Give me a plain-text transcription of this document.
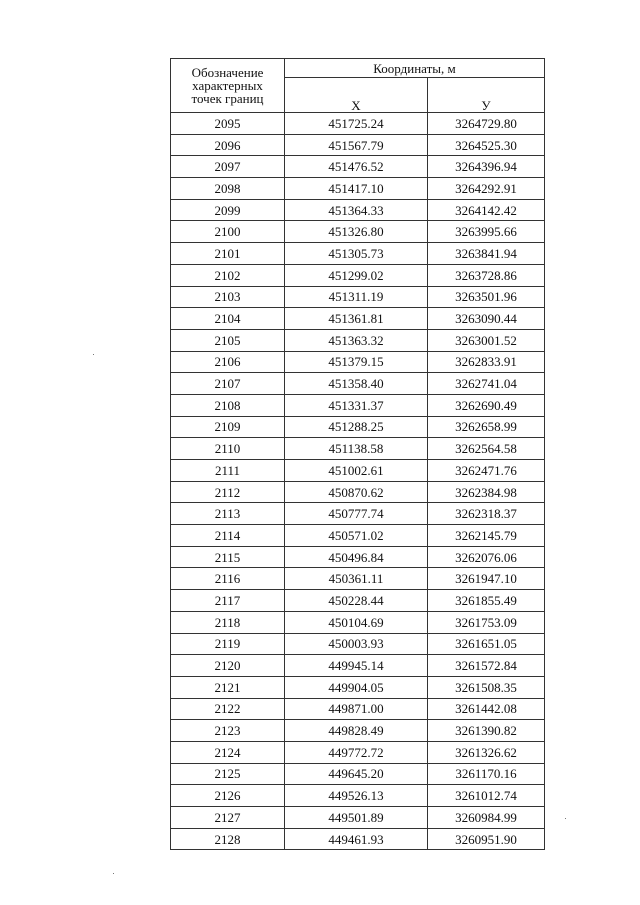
Обозначение
характерных
точек границ	Координаты, м	
	X	У
2095	451725.24	3264729.80
2096	451567.79	3264525.30
2097	451476.52	3264396.94
2098	451417.10	3264292.91
2099	451364.33	3264142.42
2100	451326.80	3263995.66
2101	451305.73	3263841.94
2102	451299.02	3263728.86
2103	451311.19	3263501.96
2104	451361.81	3263090.44
2105	451363.32	3263001.52
2106	451379.15	3262833.91
2107	451358.40	3262741.04
2108	451331.37	3262690.49
2109	451288.25	3262658.99
2110	451138.58	3262564.58
2111	451002.61	3262471.76
2112	450870.62	3262384.98
2113	450777.74	3262318.37
2114	450571.02	3262145.79
2115	450496.84	3262076.06
2116	450361.11	3261947.10
2117	450228.44	3261855.49
2118	450104.69	3261753.09
2119	450003.93	3261651.05
2120	449945.14	3261572.84
2121	449904.05	3261508.35
2122	449871.00	3261442.08
2123	449828.49	3261390.82
2124	449772.72	3261326.62
2125	449645.20	3261170.16
2126	449526.13	3261012.74
2127	449501.89	3260984.99
2128	449461.93	3260951.90
